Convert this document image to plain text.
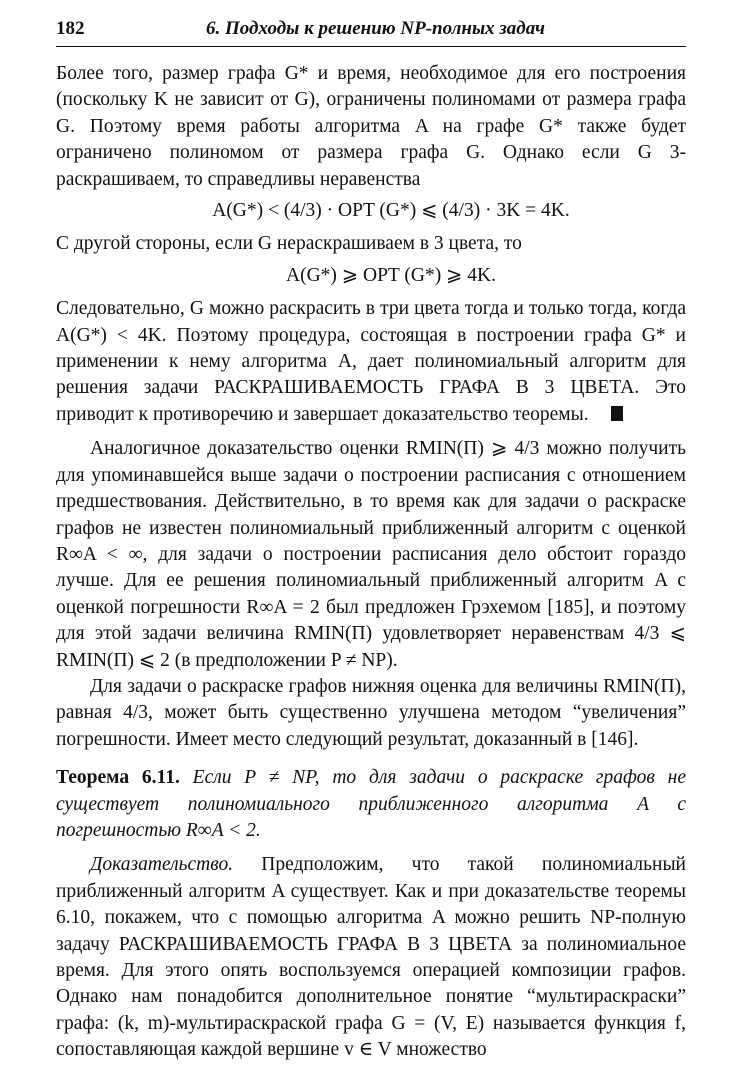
182	6. Подходы к решению NP-полных задач

Более того, размер графа G* и время, необходимое для его построения (поскольку K не зависит от G), ограничены полиномами от размера графа G. Поэтому время работы алгоритма A на графе G* также будет ограничено полиномом от размера графа G. Однако если G 3-раскрашиваем, то справедливы неравенства

A(G*) < (4/3) · OPT (G*) ⩽ (4/3) · 3K = 4K.

С другой стороны, если G нераскрашиваем в 3 цвета, то

A(G*) ⩾ OPT (G*) ⩾ 4K.

Следовательно, G можно раскрасить в три цвета тогда и только тогда, когда A(G*) < 4K. Поэтому процедура, состоящая в построении графа G* и применении к нему алгоритма A, дает полиномиальный алгоритм для решения задачи РАСКРАШИВАЕМОСТЬ ГРАФА В 3 ЦВЕТА. Это приводит к противоречию и завершает доказательство теоремы.

Аналогичное доказательство оценки RMIN(Π) ⩾ 4/3 можно получить для упоминавшейся выше задачи о построении расписания с отношением предшествования. Действительно, в то время как для задачи о раскраске графов не известен полиномиальный приближенный алгоритм с оценкой R∞A < ∞, для задачи о построении расписания дело обстоит гораздо лучше. Для ее решения полиномиальный приближенный алгоритм A с оценкой погрешности R∞A = 2 был предложен Грэхемом [185], и поэтому для этой задачи величина RMIN(Π) удовлетворяет неравенствам 4/3 ⩽ RMIN(Π) ⩽ 2 (в предположении P ≠ NP).

Для задачи о раскраске графов нижняя оценка для величины RMIN(Π), равная 4/3, может быть существенно улучшена методом “увеличения” погрешности. Имеет место следующий результат, доказанный в [146].

Теорема 6.11. Если P ≠ NP, то для задачи о раскраске графов не существует полиномиального приближенного алгоритма A с погрешностью R∞A < 2.

Доказательство. Предположим, что такой полиномиальный приближенный алгоритм A существует. Как и при доказательстве теоремы 6.10, покажем, что с помощью алгоритма A можно решить NP-полную задачу РАСКРАШИВАЕМОСТЬ ГРАФА В 3 ЦВЕТА за полиномиальное время. Для этого опять воспользуемся операцией композиции графов. Однако нам понадобится дополнительное понятие “мультираскраски” графа: (k, m)-мультираскраской графа G = (V, E) называется функция f, сопоставляющая каждой вершине v ∈ V множество
